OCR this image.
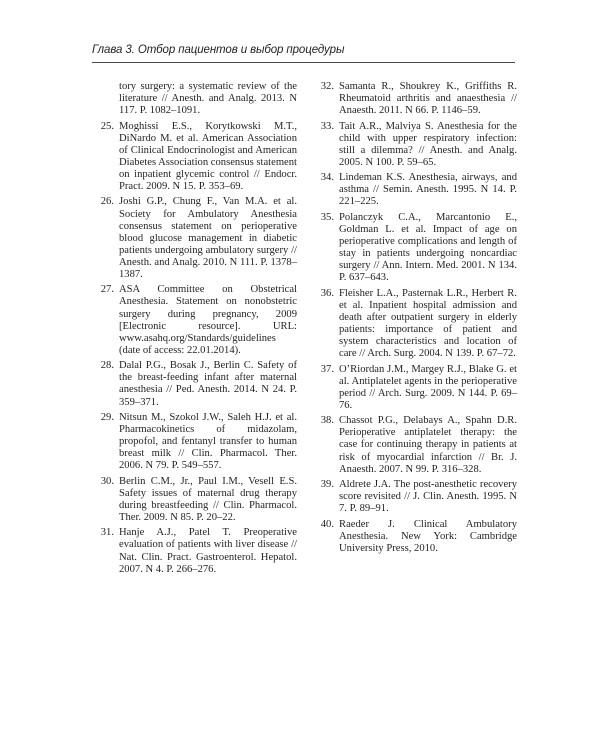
Глава 3. Отбор пациентов и выбор процедуры
tory surgery: a systematic review of the literature // Anesth. and Analg. 2013. N 117. P. 1082–1091.
25. Moghissi E.S., Korytkowski M.T., DiNardo M. et al. American Association of Clinical Endocrinologist and American Diabetes Association consensus statement on inpatient glycemic control // Endocr. Pract. 2009. N 15. P. 353–69.
26. Joshi G.P., Chung F., Van M.A. et al. Society for Ambulatory Anesthesia consensus statement on perioperative blood glucose management in diabetic patients undergoing ambulatory surgery // Anesth. and Analg. 2010. N 111. P. 1378–1387.
27. ASA Committee on Obstetrical Anesthesia. Statement on nonobstetric surgery during pregnancy, 2009 [Electronic resource]. URL: www.asahq.org/Standards/guidelines (date of access: 22.01.2014).
28. Dalal P.G., Bosak J., Berlin C. Safety of the breast-feeding infant after maternal anesthesia // Ped. Anesth. 2014. N 24. P. 359–371.
29. Nitsun M., Szokol J.W., Saleh H.J. et al. Pharmacokinetics of midazolam, propofol, and fentanyl transfer to human breast milk // Clin. Pharmacol. Ther. 2006. N 79. P. 549–557.
30. Berlin C.M., Jr., Paul I.M., Vesell E.S. Safety issues of maternal drug therapy during breastfeeding // Clin. Pharmacol. Ther. 2009. N 85. P. 20–22.
31. Hanje A.J., Patel T. Preoperative evaluation of patients with liver disease // Nat. Clin. Pract. Gastroenterol. Hepatol. 2007. N 4. P. 266–276.
32. Samanta R., Shoukrey K., Griffiths R. Rheumatoid arthritis and anaesthesia // Anaesth. 2011. N 66. P. 1146–59.
33. Tait A.R., Malviya S. Anesthesia for the child with upper respiratory infection: still a dilemma? // Anesth. and Analg. 2005. N 100. P. 59–65.
34. Lindeman K.S. Anesthesia, airways, and asthma // Semin. Anesth. 1995. N 14. P. 221–225.
35. Polanczyk C.A., Marcantonio E., Goldman L. et al. Impact of age on perioperative complications and length of stay in patients undergoing noncardiac surgery // Ann. Intern. Med. 2001. N 134. P. 637–643.
36. Fleisher L.A., Pasternak L.R., Herbert R. et al. Inpatient hospital admission and death after outpatient surgery in elderly patients: importance of patient and system characteristics and location of care // Arch. Surg. 2004. N 139. P. 67–72.
37. O’Riordan J.M., Margey R.J., Blake G. et al. Antiplatelet agents in the perioperative period // Arch. Surg. 2009. N 144. P. 69–76.
38. Chassot P.G., Delabays A., Spahn D.R. Perioperative antiplatelet therapy: the case for continuing therapy in patients at risk of myocardial infarction // Br. J. Anaesth. 2007. N 99. P. 316–328.
39. Aldrete J.A. The post-anesthetic recovery score revisited // J. Clin. Anesth. 1995. N 7. P. 89–91.
40. Raeder J. Clinical Ambulatory Anesthesia. New York: Cambridge University Press, 2010.
